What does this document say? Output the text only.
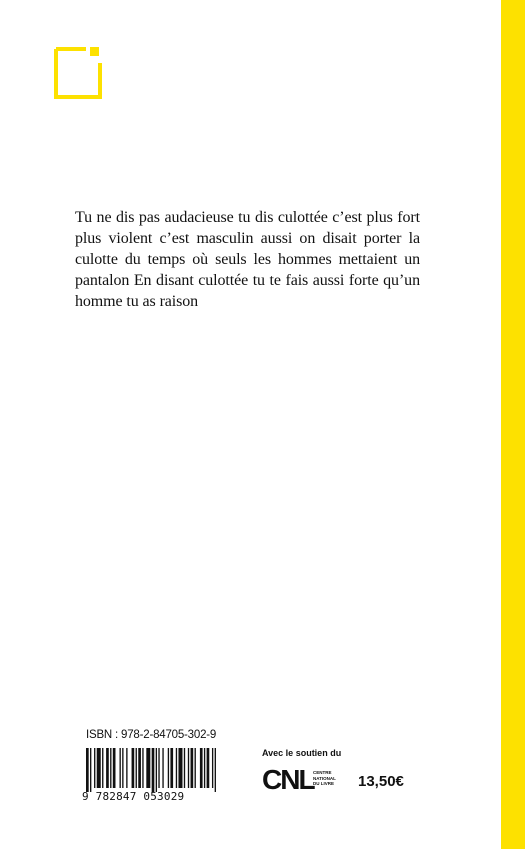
Tu ne dis pas audacieuse tu dis culottée c’est plus fort plus violent c’est masculin aussi on disait porter la culotte du temps où seuls les hommes mettaient un pantalon En disant culottée tu te fais aussi forte qu’un homme tu as raison
ISBN : 978-2-84705-302-9
9 782847 053029
Avec le soutien du
CNL CENTRE
NATIONAL
DU LIVRE	13,50€
